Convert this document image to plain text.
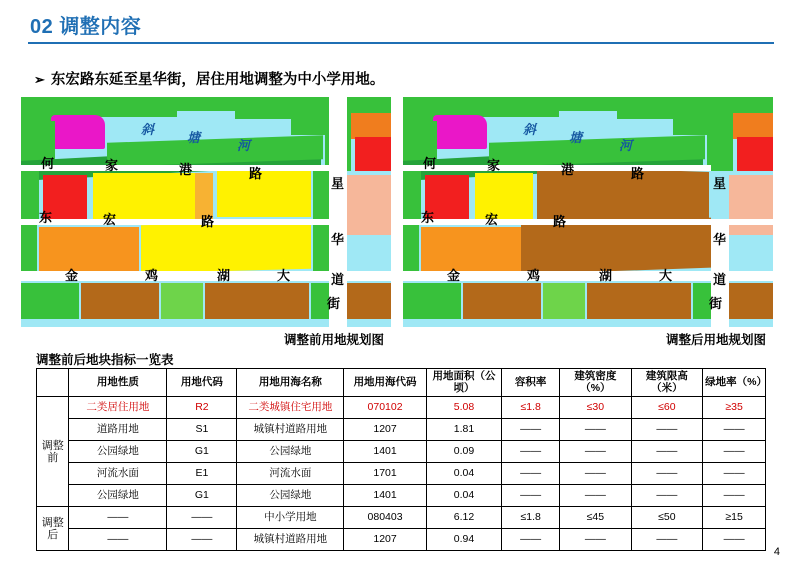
02 调整内容
➢ 东宏路东延至星华街，居住用地调整为中小学用地。
斜
塘
河
何	家	港	路
星
东	宏	路
华
金	鸡	湖	大	道
街
斜
塘
河
何	家	港	路
星
东	宏	路
华
金	鸡	湖	大	道
街
调整前用地规划图	调整后用地规划图
调整前后地块指标一览表
	用地性质	用地代码	用地用海名称	用地用海代码	用地面积（公顷）	容积率	建筑密度（%）	建筑限高（米）	绿地率（%）
调整前	二类居住用地	R2	二类城镇住宅用地	070102	5.08	≤1.8	≤30	≤60	≥35
	道路用地	S1	城镇村道路用地	1207	1.81	——	——	——	——
	公园绿地	G1	公园绿地	1401	0.09	——	——	——	——
	河流水面	E1	河流水面	1701	0.04	——	——	——	——
	公园绿地	G1	公园绿地	1401	0.04	——	——	——	——
调整后	——	——	中小学用地	080403	6.12	≤1.8	≤45	≤50	≥15
	——	——	城镇村道路用地	1207	0.94	——	——	——	——
4
